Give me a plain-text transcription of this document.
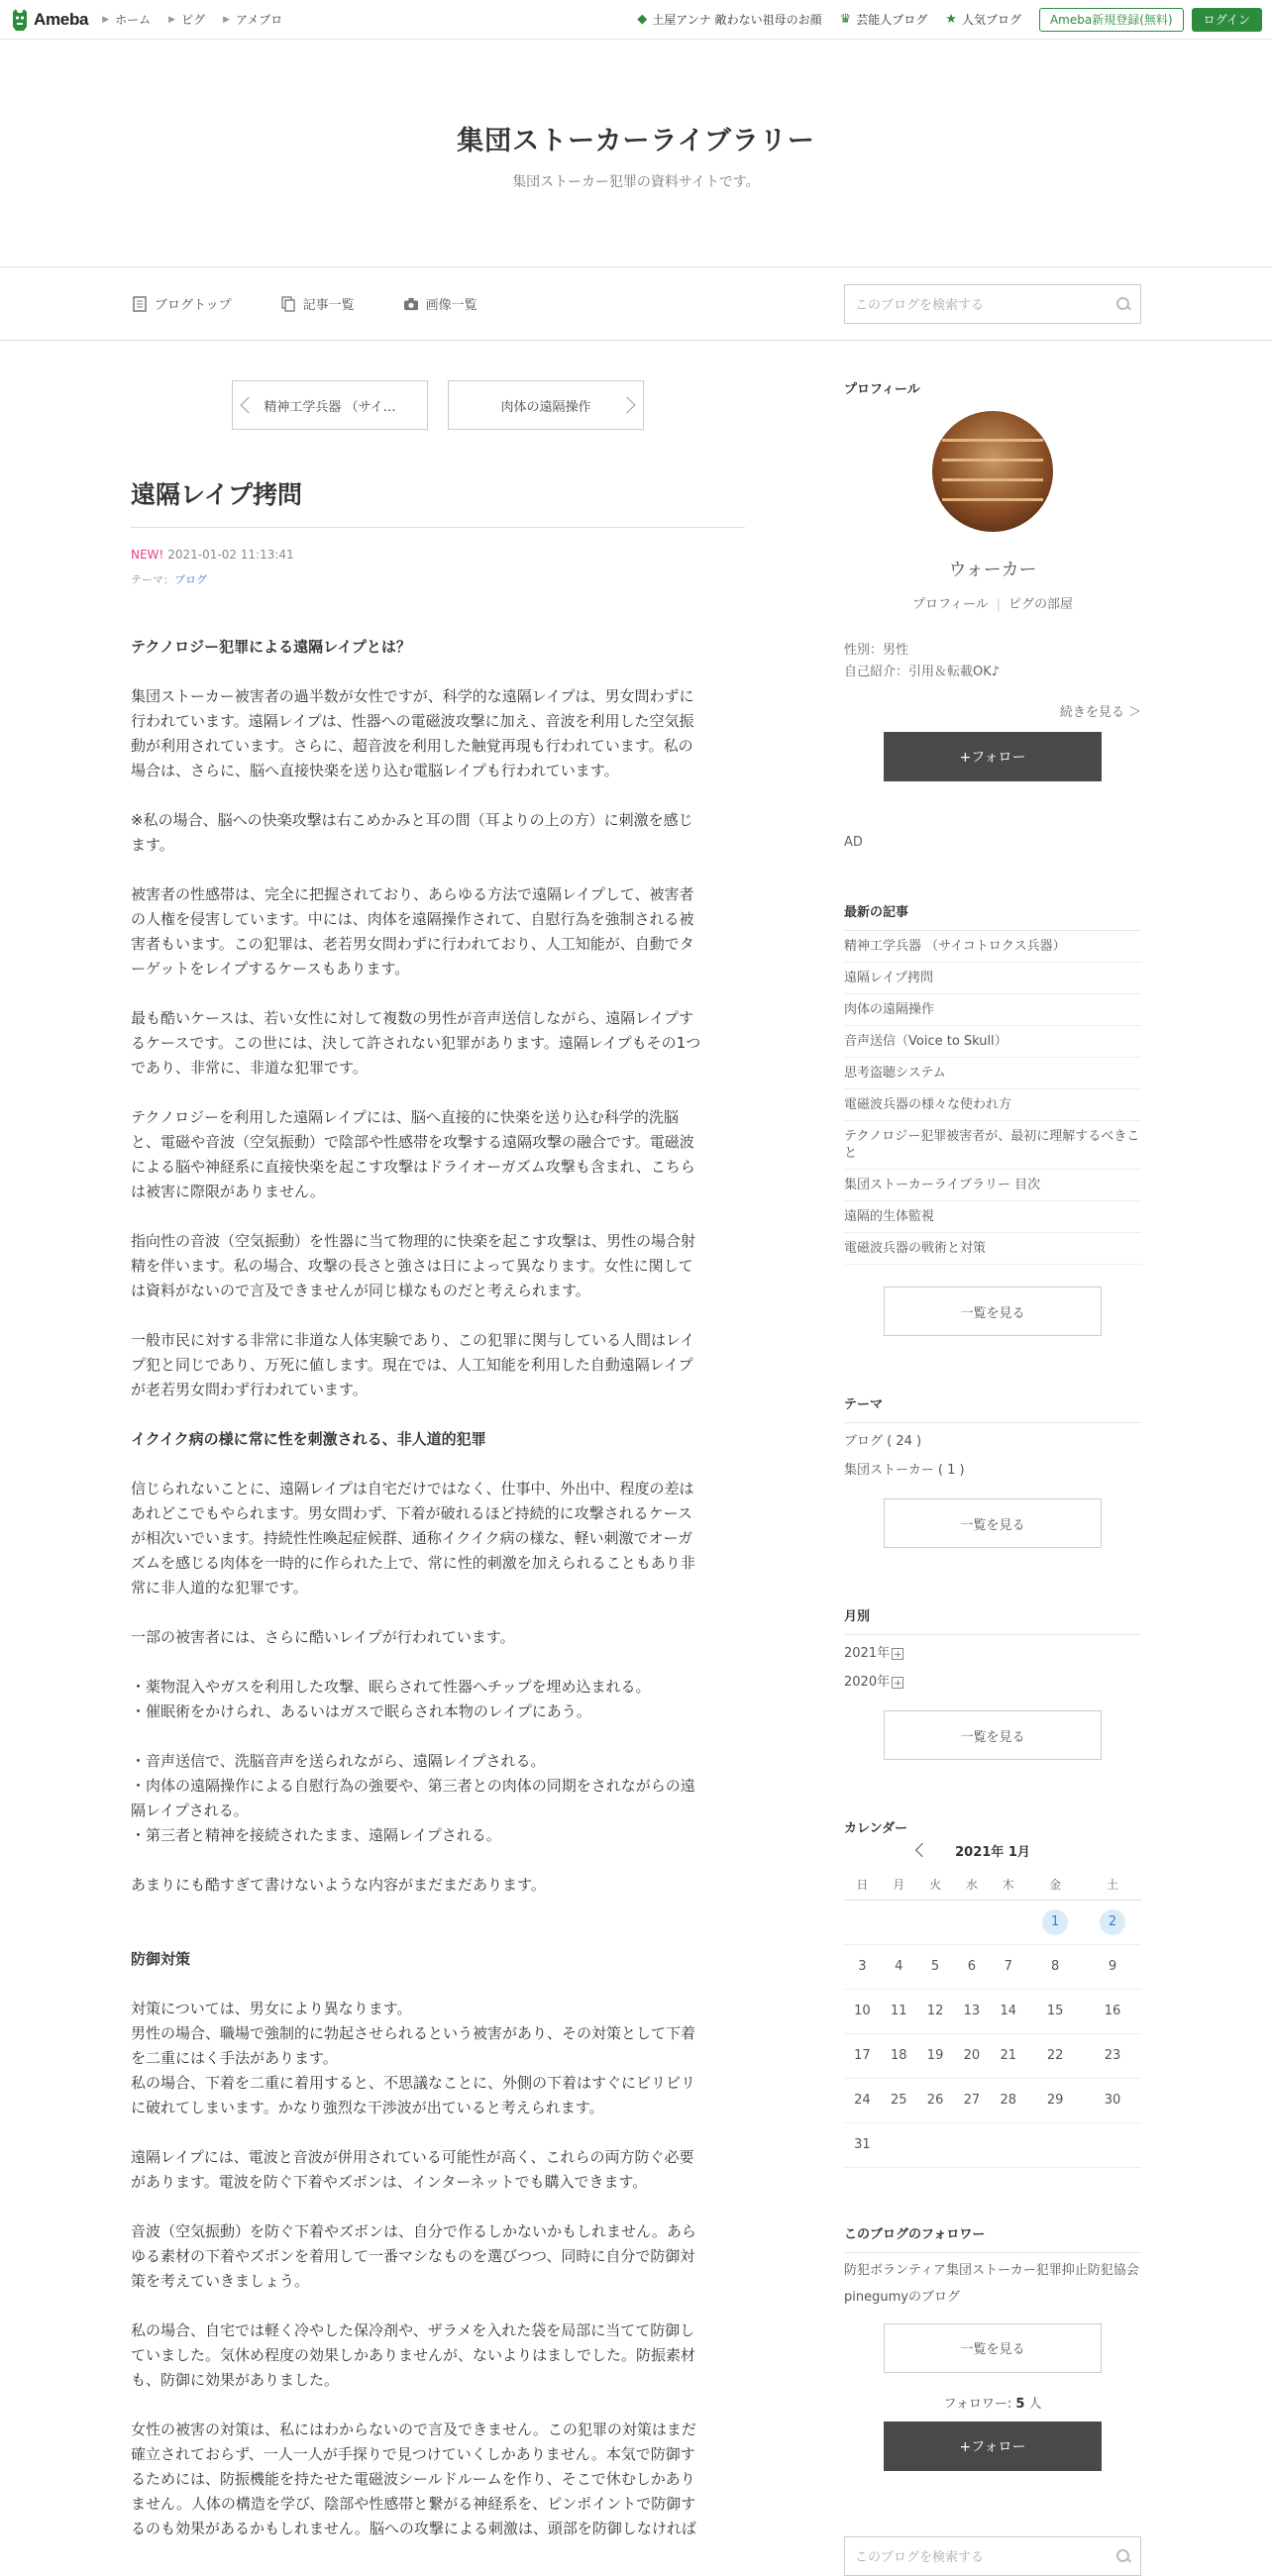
Ameba ▶ ホーム ▶ ピグ ▶ アメブロ	◆ 土屋アンナ 敵わない祖母のお顔 ♛ 芸能人ブログ ★ 人気ブログ	Ameba新規登録(無料)	ログイン
集団ストーカーライブラリー

集団ストーカー犯罪の資料サイトです。

ブログトップ	記事一覧	画像一覧	このブログを検索する
精神工学兵器 （サイ…	肉体の遠隔操作
遠隔レイプ拷問
NEW! 2021-01-02 11:13:41
テーマ：ブログ

テクノロジー犯罪による遠隔レイプとは？

集団ストーカー被害者の過半数が女性ですが、科学的な遠隔レイプは、男女問わずに
行われています。遠隔レイプは、性器への電磁波攻撃に加え、音波を利用した空気振
動が利用されています。さらに、超音波を利用した触覚再現も行われています。私の
場合は、さらに、脳へ直接快楽を送り込む電脳レイプも行われています。

※私の場合、脳への快楽攻撃は右こめかみと耳の間（耳よりの上の方）に刺激を感じ
ます。

被害者の性感帯は、完全に把握されており、あらゆる方法で遠隔レイプして、被害者
の人権を侵害しています。中には、肉体を遠隔操作されて、自慰行為を強制される被
害者もいます。この犯罪は、老若男女問わずに行われており、人工知能が、自動でタ
ーゲットをレイプするケースもあります。

最も酷いケースは、若い女性に対して複数の男性が音声送信しながら、遠隔レイプす
るケースです。この世には、決して許されない犯罪があります。遠隔レイプもその1つ
であり、非常に、非道な犯罪です。

テクノロジーを利用した遠隔レイプには、脳へ直接的に快楽を送り込む科学的洗脳
と、電磁や音波（空気振動）で陰部や性感帯を攻撃する遠隔攻撃の融合です。電磁波
による脳や神経系に直接快楽を起こす攻撃はドライオーガズム攻撃も含まれ、こちら
は被害に際限がありません。

指向性の音波（空気振動）を性器に当て物理的に快楽を起こす攻撃は、男性の場合射
精を伴います。私の場合、攻撃の長さと強さは日によって異なります。女性に関して
は資料がないので言及できませんが同じ様なものだと考えられます。

一般市民に対する非常に非道な人体実験であり、この犯罪に関与している人間はレイ
プ犯と同じであり、万死に値します。現在では、人工知能を利用した自動遠隔レイプ
が老若男女問わず行われています。

イクイク病の様に常に性を刺激される、非人道的犯罪

信じられないことに、遠隔レイプは自宅だけではなく、仕事中、外出中、程度の差は
あれどこでもやられます。男女問わず、下着が破れるほど持続的に攻撃されるケース
が相次いでいます。持続性性喚起症候群、通称イクイク病の様な、軽い刺激でオーガ
ズムを感じる肉体を一時的に作られた上で、常に性的刺激を加えられることもあり非
常に非人道的な犯罪です。

一部の被害者には、さらに酷いレイプが行われています。

・薬物混入やガスを利用した攻撃、眠らされて性器へチップを埋め込まれる。
・催眠術をかけられ、あるいはガスで眠らされ本物のレイプにあう。

・音声送信で、洗脳音声を送られながら、遠隔レイプされる。
・肉体の遠隔操作による自慰行為の強要や、第三者との肉体の同期をされながらの遠
隔レイプされる。
・第三者と精神を接続されたまま、遠隔レイプされる。

あまりにも酷すぎて書けないような内容がまだまだあります。

防御対策

対策については、男女により異なります。
男性の場合、職場で強制的に勃起させられるという被害があり、その対策として下着
を二重にはく手法があります。
私の場合、下着を二重に着用すると、不思議なことに、外側の下着はすぐにビリビリ
に破れてしまいます。かなり強烈な干渉波が出ていると考えられます。

遠隔レイプには、電波と音波が併用されている可能性が高く、これらの両方防ぐ必要
があります。電波を防ぐ下着やズボンは、インターネットでも購入できます。

音波（空気振動）を防ぐ下着やズボンは、自分で作るしかないかもしれません。あら
ゆる素材の下着やズボンを着用して一番マシなものを選びつつ、同時に自分で防御対
策を考えていきましょう。

私の場合、自宅では軽く冷やした保冷剤や、ザラメを入れた袋を局部に当てて防御し
ていました。気休め程度の効果しかありませんが、ないよりはましでした。防振素材
も、防御に効果がありました。

女性の被害の対策は、私にはわからないので言及できません。この犯罪の対策はまだ
確立されておらず、一人一人が手探りで見つけていくしかありません。本気で防御す
るためには、防振機能を持たせた電磁波シールドルームを作り、そこで休むしかあり
ません。人体の構造を学び、陰部や性感帯と繋がる神経系を、ピンポイントで防御す
るのも効果があるかもしれません。脳への攻撃による刺激は、頭部を防御しなければ

プロフィール
ウォーカー
プロフィール | ピグの部屋
性別：男性
自己紹介：引用＆転載OK♪
続きを見る ＞
+フォロー
AD
最新の記事
精神工学兵器 （サイコトロクス兵器）
遠隔レイプ拷問
肉体の遠隔操作
音声送信（Voice to Skull）
思考盗聴システム
電磁波兵器の様々な使われ方
テクノロジー犯罪被害者が、最初に理解するべきこと
集団ストーカーライブラリー 目次
遠隔的生体監視
電磁波兵器の戦術と対策
一覧を見る
テーマ
ブログ ( 24 )
集団ストーカー ( 1 )
一覧を見る
月別
2021年
2020年
一覧を見る
カレンダー
2021年 1月
日	月	火	水	木	金	土
					1	2
3	4	5	6	7	8	9
10	11	12	13	14	15	16
17	18	19	20	21	22	23
24	25	26	27	28	29	30
31						
このブログのフォロワー
防犯ボランティア集団ストーカー犯罪抑止防犯協会
pinegumyのブログ
一覧を見る
フォロワー: 5 人
+フォロー
このブログを検索する
